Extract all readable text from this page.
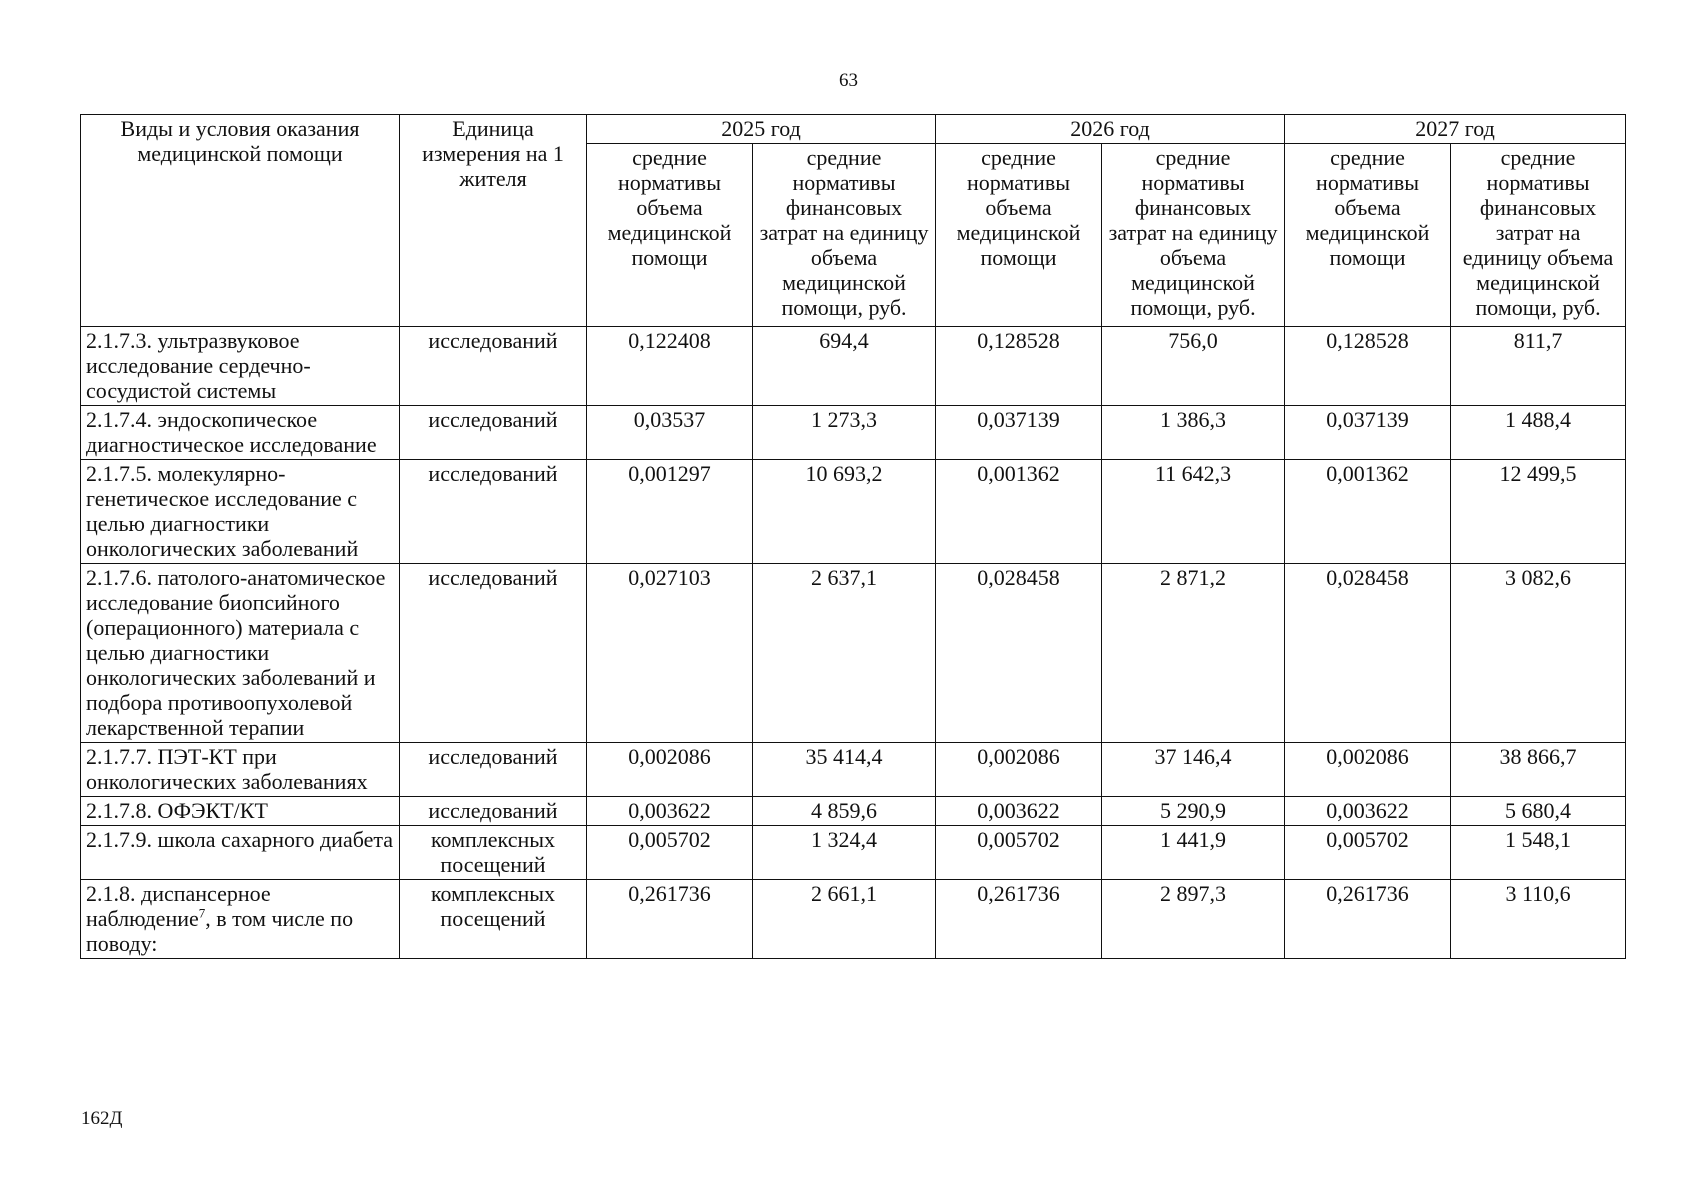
63
Виды и условия оказания медицинской помощи	Единица измерения на 1 жителя	2025 год		2026 год		2027 год	
		средние нормативы объема медицинской помощи	средние нормативы финансовых затрат на единицу объема медицинской помощи, руб.	средние нормативы объема медицинской помощи	средние нормативы финансовых затрат на единицу объема медицинской помощи, руб.	средние нормативы объема медицинской помощи	средние нормативы финансовых затрат на единицу объема медицинской помощи, руб.
2.1.7.3. ультразвуковое исследование сердечно-сосудистой системы	исследований	0,122408	694,4	0,128528	756,0	0,128528	811,7
2.1.7.4. эндоскопическое диагностическое исследование	исследований	0,03537	1 273,3	0,037139	1 386,3	0,037139	1 488,4
2.1.7.5. молекулярно-генетическое исследование с целью диагностики онкологических заболеваний	исследований	0,001297	10 693,2	0,001362	11 642,3	0,001362	12 499,5
2.1.7.6. патолого-анатомическое исследование биопсийного (операционного) материала с целью диагностики онкологических заболеваний и подбора противоопухолевой лекарственной терапии	исследований	0,027103	2 637,1	0,028458	2 871,2	0,028458	3 082,6
2.1.7.7. ПЭТ-КТ при онкологических заболеваниях	исследований	0,002086	35 414,4	0,002086	37 146,4	0,002086	38 866,7
2.1.7.8. ОФЭКТ/КТ	исследований	0,003622	4 859,6	0,003622	5 290,9	0,003622	5 680,4
2.1.7.9. школа сахарного диабета	комплексных посещений	0,005702	1 324,4	0,005702	1 441,9	0,005702	1 548,1
2.1.8. диспансерное наблюдение$^7$, в том числе по поводу:	комплексных посещений	0,261736	2 661,1	0,261736	2 897,3	0,261736	3 110,6
162Д
